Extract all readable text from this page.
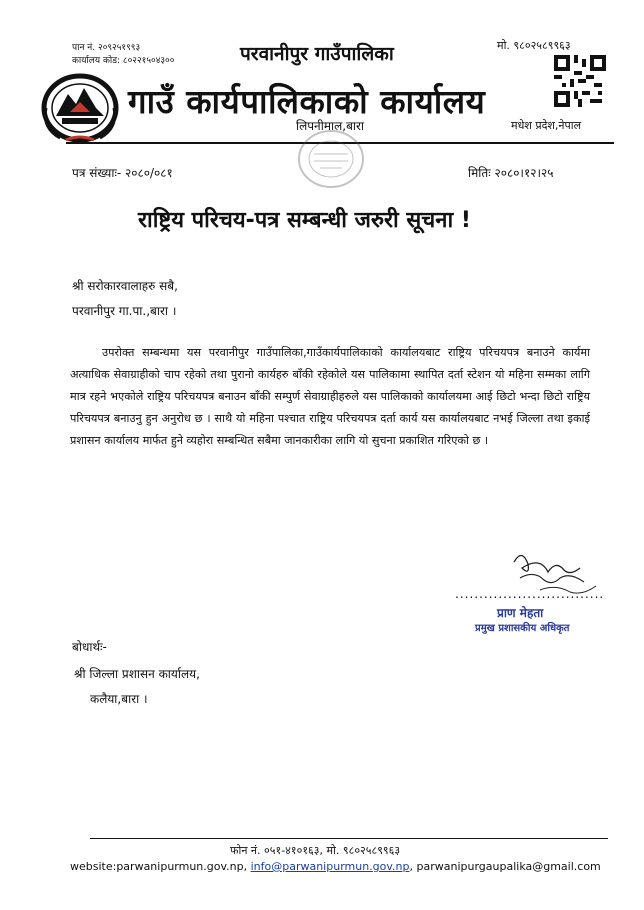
पान नं. २०९२५१९९३
कार्यालय कोड: ८०२२१५०४३००
मो. ९८०२५८९९६३
परवानीपुर गाउँपालिका
गाउँ कार्यपालिकाको कार्यालय
लिपनीमाल,बारा	मधेश प्रदेश,नेपाल
पत्र संख्याः- २०८०/०८१	मितिः २०८०।१२।२५
राष्ट्रिय परिचय-पत्र सम्बन्धी जरुरी सूचना !
श्री सरोकारवालाहरु सबै,
परवानीपुर गा.पा.,बारा ।
उपरोक्त सम्बन्धमा यस परवानीपुर गाउँपालिका,गाउँकार्यपालिकाको कार्यालयबाट राष्ट्रिय परिचयपत्र बनाउने कार्यमा अत्याधिक सेवाग्राहीको चाप रहेको तथा पुरानो कार्यहरु बाँकी रहेकोले यस पालिकामा स्थापित दर्ता स्टेशन यो महिना सम्मका लागि मात्र रहने भएकोले राष्ट्रिय परिचयपत्र बनाउन बाँकी सम्पुर्ण सेवाग्राहीहरुले यस पालिकाको कार्यालयमा आई छिटो भन्दा छिटो राष्ट्रिय परिचयपत्र बनाउनु हुन अनुरोध छ । साथै यो महिना पश्चात राष्ट्रिय परिचयपत्र दर्ता कार्य यस कार्यालयबाट नभई जिल्ला तथा इकाई प्रशासन कार्यालय मार्फत हुने व्यहोरा सम्बन्धित सबैमा जानकारीका लागि यो सुचना प्रकाशित गरिएको छ ।
...............................
प्राण मेहता
प्रमुख प्रशासकीय अधिकृत
बोधार्थः-
श्री जिल्ला प्रशासन कार्यालय,
कलैया,बारा ।
फोन नं. ०५१-४१०१६३, मो. ९८०२५८९९६३
website:parwanipurmun.gov.np, info@parwanipurmun.gov.np, parwanipurgaupalika@gmail.com
